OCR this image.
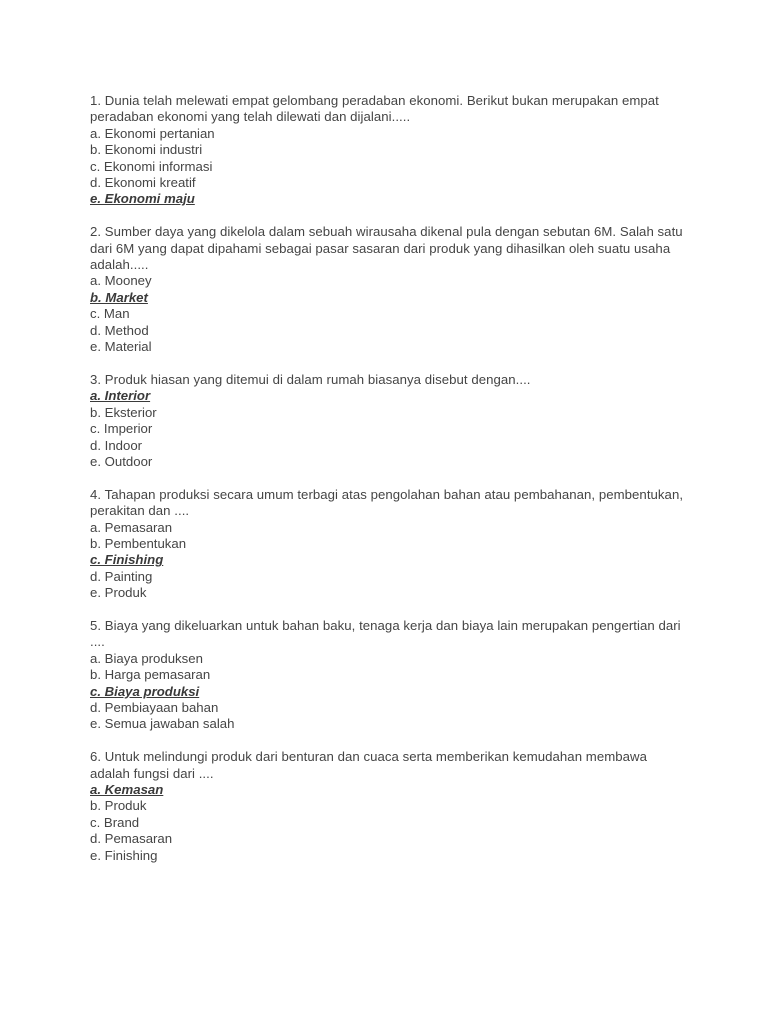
1. Dunia telah melewati empat gelombang peradaban ekonomi. Berikut bukan merupakan empat peradaban ekonomi yang telah dilewati dan dijalani.....
a. Ekonomi pertanian
b. Ekonomi industri
c. Ekonomi informasi
d. Ekonomi kreatif
e. Ekonomi maju
2. Sumber daya yang dikelola dalam sebuah wirausaha dikenal pula dengan sebutan 6M. Salah satu dari 6M yang dapat dipahami sebagai pasar sasaran dari produk yang dihasilkan oleh suatu usaha adalah.....
a. Mooney
b. Market
c. Man
d. Method
e. Material
3. Produk hiasan yang ditemui di dalam rumah biasanya disebut dengan....
a. Interior
b. Eksterior
c. Imperior
d. Indoor
e. Outdoor
4. Tahapan produksi secara umum terbagi atas pengolahan bahan atau pembahanan, pembentukan, perakitan dan ....
a. Pemasaran
b. Pembentukan
c. Finishing
d. Painting
e. Produk
5. Biaya yang dikeluarkan untuk bahan baku, tenaga kerja dan biaya lain merupakan pengertian dari ....
a. Biaya produksen
b. Harga pemasaran
c. Biaya produksi
d. Pembiayaan bahan
e. Semua jawaban salah
6. Untuk melindungi produk dari benturan dan cuaca serta memberikan kemudahan membawa adalah fungsi dari ....
a. Kemasan
b. Produk
c. Brand
d. Pemasaran
e. Finishing
